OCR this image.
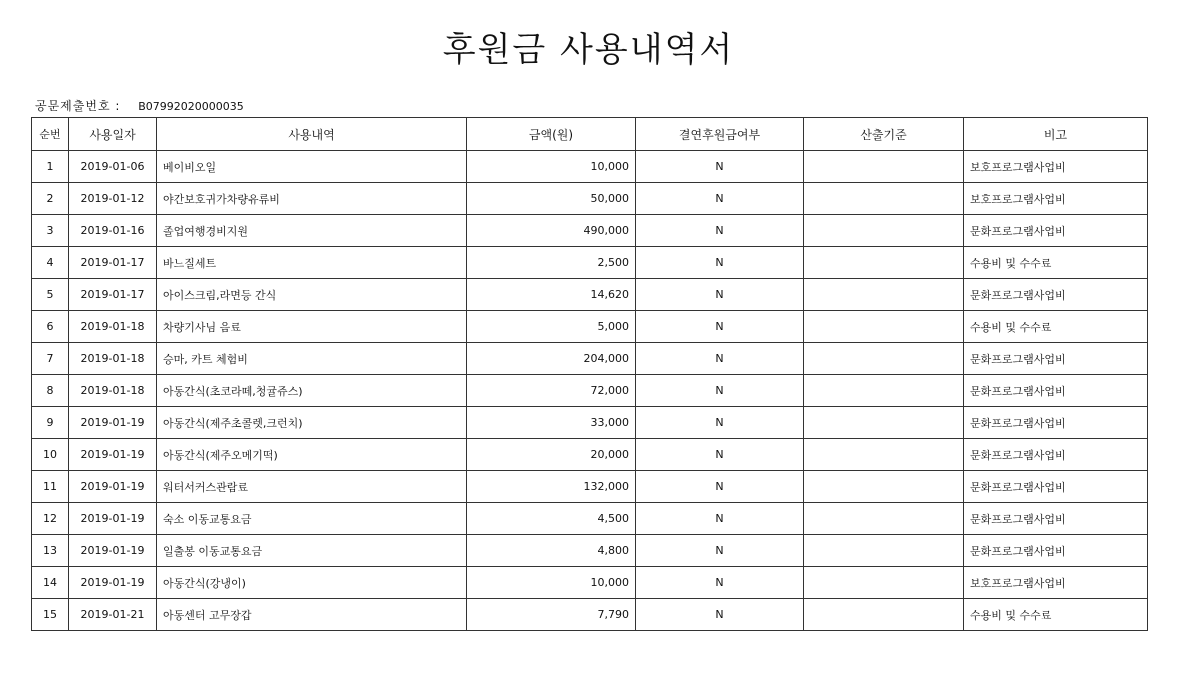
후원금 사용내역서
공문제출번호 : B07992020000035
순번	사용일자	사용내역	금액(원)	결연후원금여부	산출기준	비고
1	2019-01-06	베이비오일	10,000	N		보호프로그램사업비
2	2019-01-12	야간보호귀가차량유류비	50,000	N		보호프로그램사업비
3	2019-01-16	졸업여행경비지원	490,000	N		문화프로그램사업비
4	2019-01-17	바느질세트	2,500	N		수용비 및 수수료
5	2019-01-17	아이스크림,라면등 간식	14,620	N		문화프로그램사업비
6	2019-01-18	차량기사님 음료	5,000	N		수용비 및 수수료
7	2019-01-18	승마, 카트 체험비	204,000	N		문화프로그램사업비
8	2019-01-18	아동간식(초코라떼,청귤쥬스)	72,000	N		문화프로그램사업비
9	2019-01-19	아동간식(제주초콜렛,크런치)	33,000	N		문화프로그램사업비
10	2019-01-19	아동간식(제주오메기떡)	20,000	N		문화프로그램사업비
11	2019-01-19	워터서커스관람료	132,000	N		문화프로그램사업비
12	2019-01-19	숙소 이동교통요금	4,500	N		문화프로그램사업비
13	2019-01-19	일출봉 이동교통요금	4,800	N		문화프로그램사업비
14	2019-01-19	아동간식(강냉이)	10,000	N		보호프로그램사업비
15	2019-01-21	아동센터 고무장갑	7,790	N		수용비 및 수수료
